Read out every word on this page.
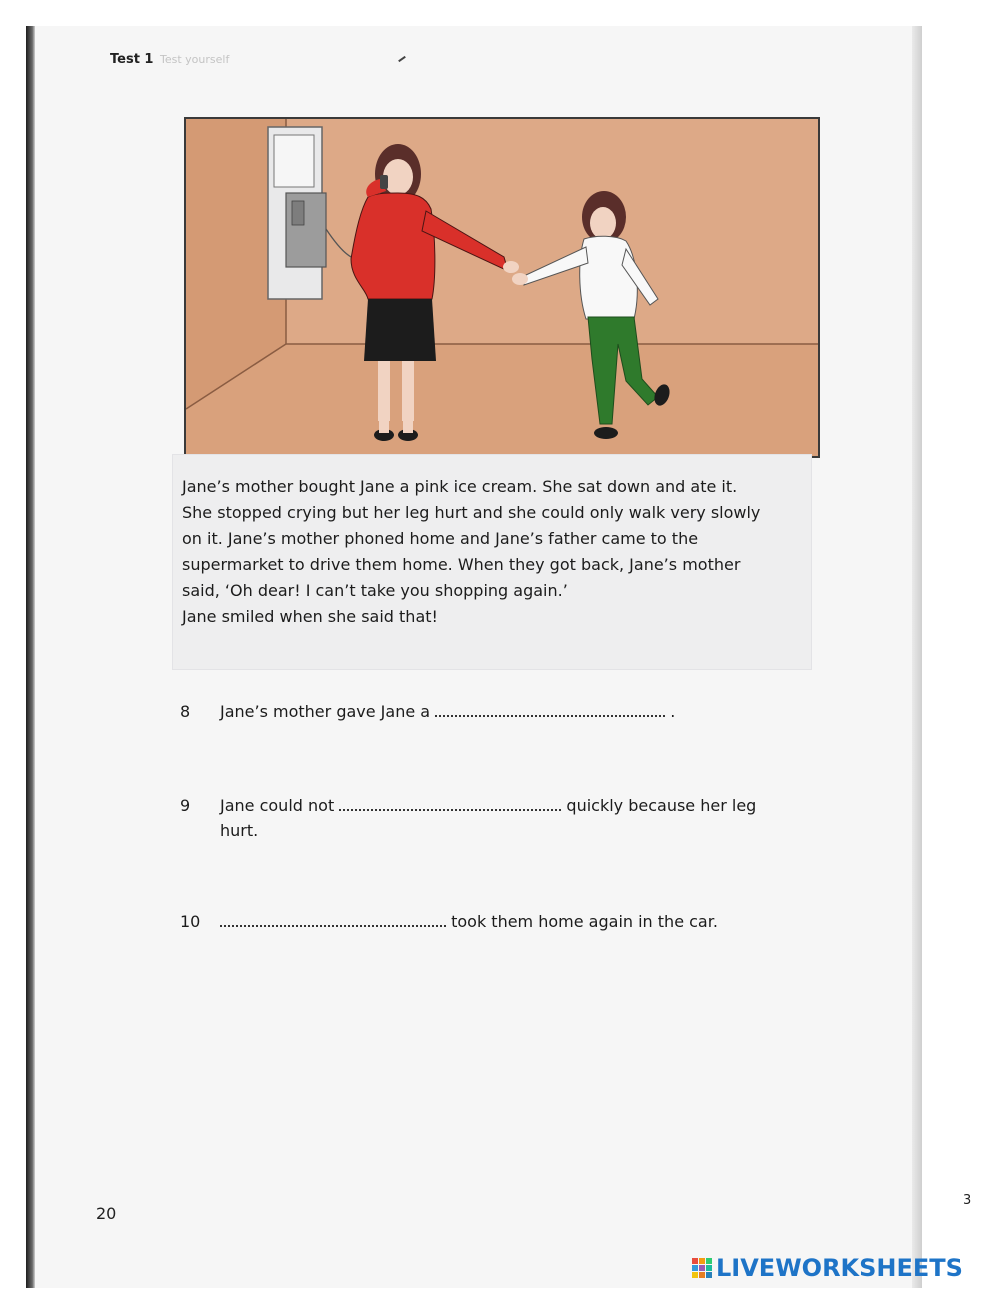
Test 1 Test yourself

Jane’s mother bought Jane a pink ice cream. She sat down and ate it.

She stopped crying but her leg hurt and she could only walk very slowly

on it. Jane’s mother phoned home and Jane’s father came to the

supermarket to drive them home. When they got back, Jane’s mother

said, ‘Oh dear! I can’t take you shopping again.’

Jane smiled when she said that!

8 Jane’s mother gave Jane a	.
9 Jane could not	quickly because her leg
hurt.
10	took them home again in the car.
20
3
LIVEWORKSHEETS
